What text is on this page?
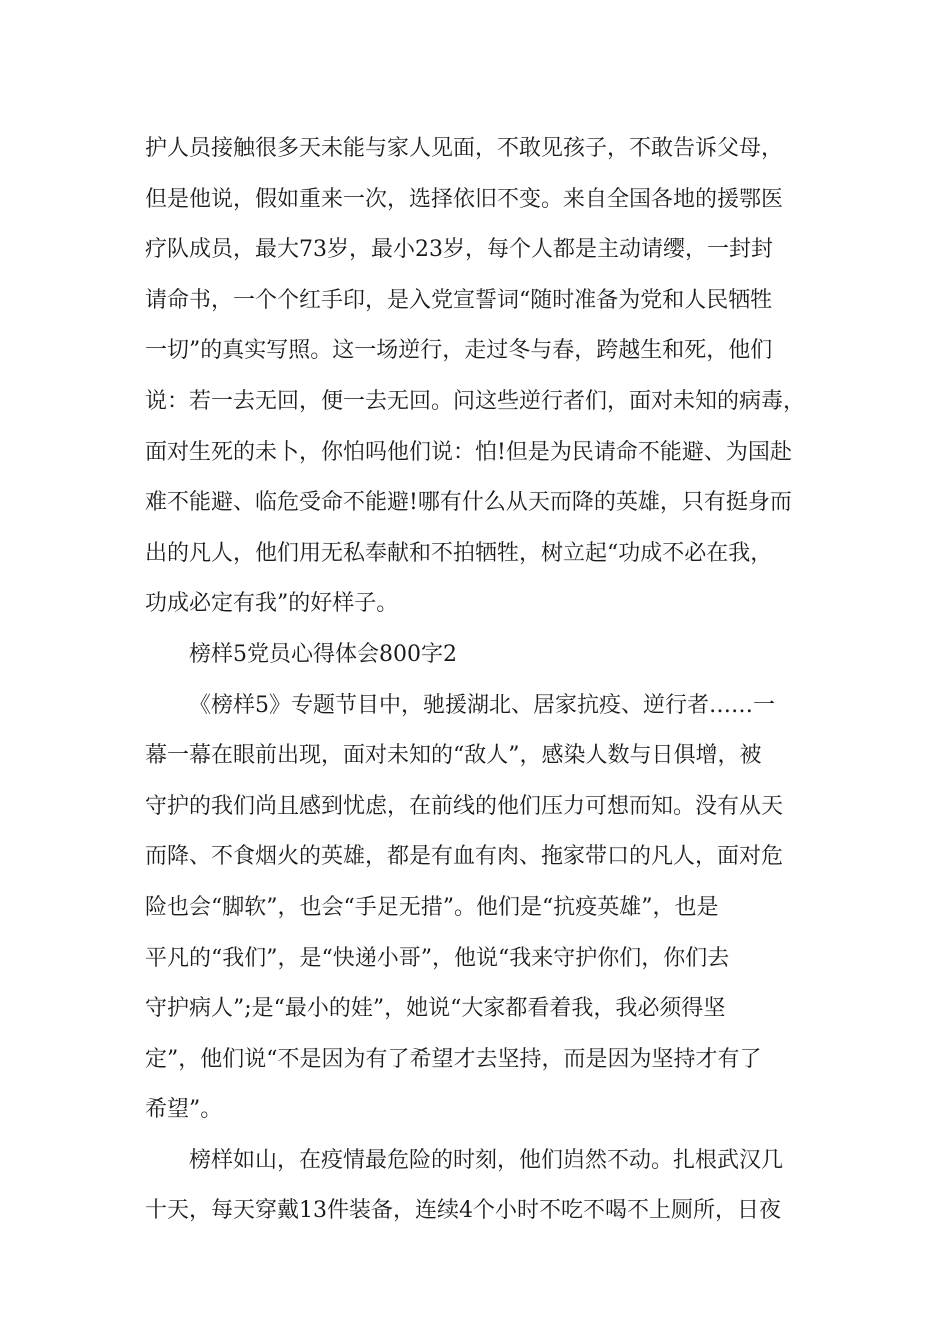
护人员接触很多天未能与家人见面，不敢见孩子，不敢告诉父母，
但是他说，假如重来一次，选择依旧不变。来自全国各地的援鄂医
疗队成员，最大73岁，最小23岁，每个人都是主动请缨，一封封
请命书，一个个红手印，是入党宣誓词“随时准备为党和人民牺牲
一切”的真实写照。这一场逆行，走过冬与春，跨越生和死，他们
说：若一去无回，便一去无回。问这些逆行者们，面对未知的病毒，
面对生死的未卜，你怕吗他们说：怕!但是为民请命不能避、为国赴
难不能避、临危受命不能避!哪有什么从天而降的英雄，只有挺身而
出的凡人，他们用无私奉献和不拍牺牲，树立起“功成不必在我，
功成必定有我”的好样子。
榜样5党员心得体会800字2
《榜样5》专题节目中，驰援湖北、居家抗疫、逆行者……一
幕一幕在眼前出现，面对未知的“敌人”，感染人数与日俱增，被
守护的我们尚且感到忧虑，在前线的他们压力可想而知。没有从天
而降、不食烟火的英雄，都是有血有肉、拖家带口的凡人，面对危
险也会“脚软”，也会“手足无措”。他们是“抗疫英雄”，也是
平凡的“我们”，是“快递小哥”，他说“我来守护你们，你们去
守护病人”;是“最小的娃”，她说“大家都看着我，我必须得坚
定”，他们说“不是因为有了希望才去坚持，而是因为坚持才有了
希望”。
榜样如山，在疫情最危险的时刻，他们岿然不动。扎根武汉几
十天，每天穿戴13件装备，连续4个小时不吃不喝不上厕所，日夜
